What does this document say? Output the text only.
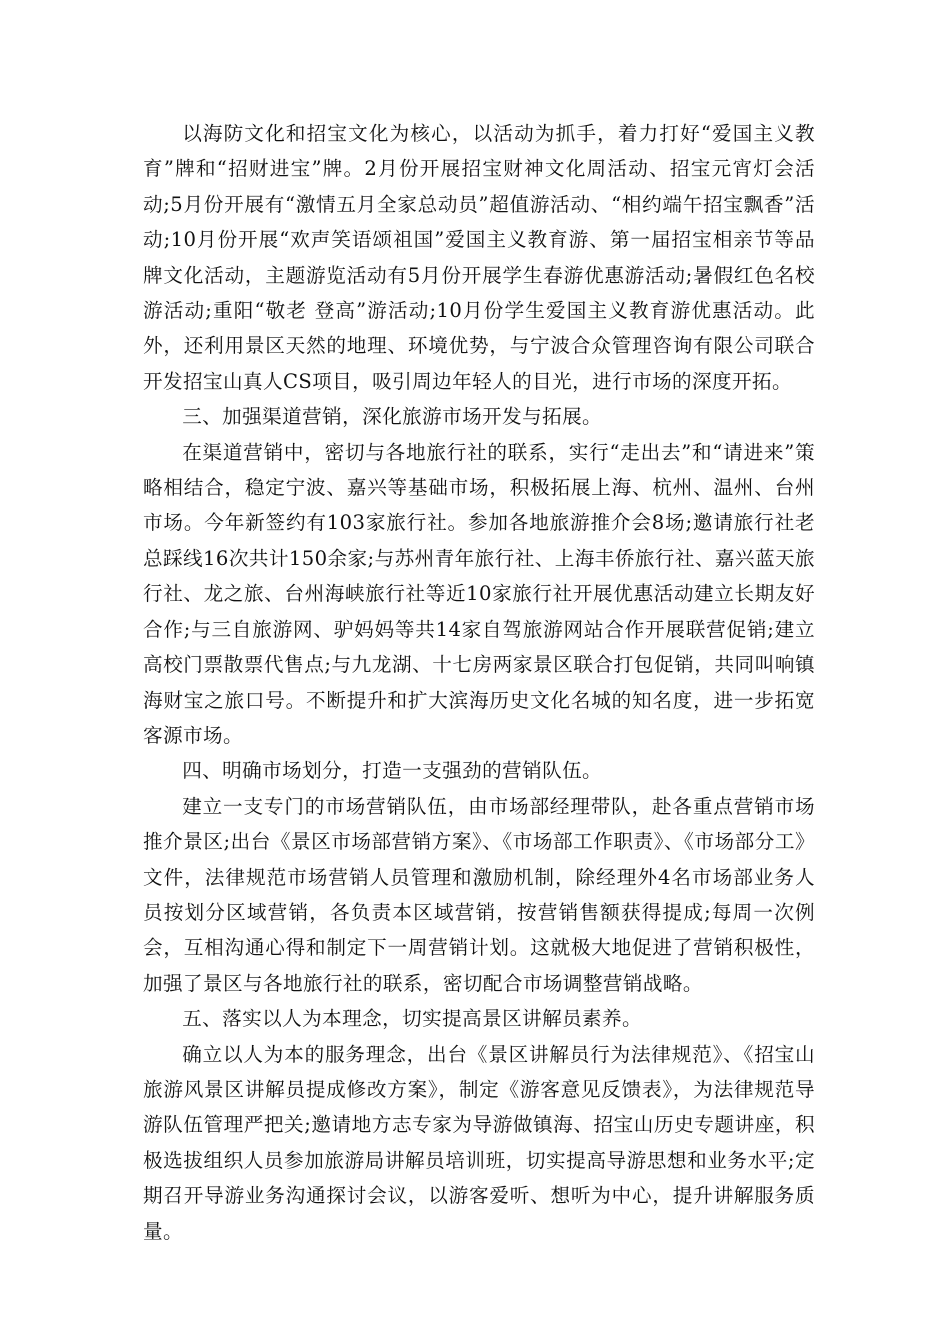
以海防文化和招宝文化为核心，以活动为抓手，着力打好“爱国主义教育”牌和“招财进宝”牌。2月份开展招宝财神文化周活动、招宝元宵灯会活动;5月份开展有“激情五月全家总动员”超值游活动、“相约端午招宝飘香”活动;10月份开展“欢声笑语颂祖国”爱国主义教育游、第一届招宝相亲节等品牌文化活动，主题游览活动有5月份开展学生春游优惠游活动;暑假红色名校游活动;重阳“敬老 登高”游活动;10月份学生爱国主义教育游优惠活动。此外，还利用景区天然的地理、环境优势，与宁波合众管理咨询有限公司联合开发招宝山真人CS项目，吸引周边年轻人的目光，进行市场的深度开拓。

三、加强渠道营销，深化旅游市场开发与拓展。

在渠道营销中，密切与各地旅行社的联系，实行“走出去”和“请进来”策略相结合，稳定宁波、嘉兴等基础市场，积极拓展上海、杭州、温州、台州市场。今年新签约有103家旅行社。参加各地旅游推介会8场;邀请旅行社老总踩线16次共计150余家;与苏州青年旅行社、上海丰侨旅行社、嘉兴蓝天旅行社、龙之旅、台州海峡旅行社等近10家旅行社开展优惠活动建立长期友好合作;与三自旅游网、驴妈妈等共14家自驾旅游网站合作开展联营促销;建立高校门票散票代售点;与九龙湖、十七房两家景区联合打包促销，共同叫响镇海财宝之旅口号。不断提升和扩大滨海历史文化名城的知名度，进一步拓宽客源市场。

四、明确市场划分，打造一支强劲的营销队伍。

建立一支专门的市场营销队伍，由市场部经理带队，赴各重点营销市场推介景区;出台《景区市场部营销方案》、《市场部工作职责》、《市场部分工》文件，法律规范市场营销人员管理和激励机制，除经理外4名市场部业务人员按划分区域营销，各负责本区域营销，按营销售额获得提成;每周一次例会，互相沟通心得和制定下一周营销计划。这就极大地促进了营销积极性，加强了景区与各地旅行社的联系，密切配合市场调整营销战略。

五、落实以人为本理念，切实提高景区讲解员素养。

确立以人为本的服务理念，出台《景区讲解员行为法律规范》、《招宝山旅游风景区讲解员提成修改方案》，制定《游客意见反馈表》，为法律规范导游队伍管理严把关;邀请地方志专家为导游做镇海、招宝山历史专题讲座，积极选拔组织人员参加旅游局讲解员培训班，切实提高导游思想和业务水平;定期召开导游业务沟通探讨会议，以游客爱听、想听为中心，提升讲解服务质量。
